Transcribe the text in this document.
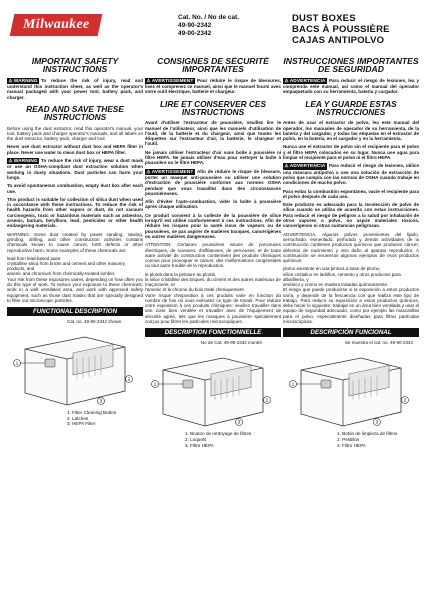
Milwaukee	Cat. No. / No de cat.
49-90-2342
49-00-2342
DUST BOXES
BACS À POUSSIÈRE
CAJAS ANTIPOLVO
IMPORTANT SAFETY INSTRUCTIONS
⚠ WARNING To reduce the risk of injury, read and understand this instruction sheet, as well as the operator's manual packaged with your power tool, battery pack, and charger.
READ AND SAVE THESE INSTRUCTIONS
Before using the dust extractor, read this operator's manual, your tool, battery pack and charger operator's manuals, and all labels on the dust extractor, battery pack, charger and tool.
Never use dust extractor without dust box and HEPA filter in place. Never use water to clean dust box or HEPA filter.
⚠ WARNING To reduce the risk of injury, wear a dust mask or use an OSHA-compliant dust extraction solution when working in dusty situations. Dust particles can harm your lungs.
To avoid spontaneous combustion, empty dust box after each use.
This product is suitable for collection of silica dust when used in accordance with these instructions. To reduce the risk of health hazards from other vapors or dust, do not vacuum carcinogenic, toxic or hazardous materials such as asbestos, arsenic, barium, beryllium, lead, pesticides or other health endangering materials.
WARNING: Some dust created by power sanding, sawing, grinding, drilling, and other construction activities contains chemicals known to cause cancer, birth defects or other reproductive harm. Some examples of these chemicals are:
lead from lead-based paint
crystalline silica from bricks and cement and other masonry products, and
arsenic and chromium from chemically-treated lumber.
Your risk from these exposures varies, depending on how often you do this type of work. To reduce your exposure to these chemicals: work in a well ventilated area, and work with approved safety equipment, such as those dust masks that are specially designed to filter out microscopic particles.
FUNCTIONAL DESCRIPTION
Cat. no. 49-90-2342 shown
1
2
3
1. Filter Cleaning Button
2. Latches
3. HEPA Filter
CONSIGNES DE SÉCURITÉ IMPORTANTES
⚠ AVERTISSEMENT Pour réduire le risque de blessures, lisez et comprenez ce manuel, ainsi que le manuel fourni avec votre outil électrique, batterie et chargeur.
LIRE ET CONSERVER CES INSTRUCTIONS
Avant d'utiliser l'extracteur de poussière, veuillez lire le manuel de l'utilisateur, ainsi que les manuels d'utilisation de l'outil, de la batterie et du chargeur, ainsi que toutes les étiquettes sur l'extracteur d'air, la batterie, le chargeur et l'outil.
Ne jamais utiliser l'extracteur d'air sans boîte à poussière ni filtre HEPA. Ne jamais utiliser d'eau pour nettoyer la boîte à poussière ou le filtre HEPA.
⚠ AVERTISSEMENT Afin de réduire le risque de blessure, porter un masque anti-poussière ou utiliser une solution d'extraction de poussière conforme aux normes OSHA pendant que vous travaillez dans des circonstances poussiéreuses.
Afin d'éviter l'auto-combustion, vider la boîte à poussière après chaque utilisation.
Ce produit convient à la collecte de la poussière de silice lorsqu'il est utilisé conformément à ces instructions. Afin de réduire les risques pour la santé issus de vapeurs ou de poussières, ne pas aspirer de matières toxiques, cancérigènes ou autres matières dangereuses.
ATTENTION: Certaines poussières issues de ponceuses électriques, de scieuses, d'affûteuses, de perceuses, et de toute autre activité de construction contiennent des produits chimiques connus pour provoquer le cancer, des malformations congénitales ou tout autre trouble de la reproduction.
le plomb dans la peinture au plomb,
la silice cristalline des briques, du ciment et des autres matériaux de maçonnerie, et
l'arsenic et le chrome du bois traité chimiquement.
Votre risque d'exposition à ces produits varie en fonction du nombre de fois où vous exécutez ce type de travail. Pour réduire votre exposition à ces produits chimiques: veuillez travailler dans une zone bien ventilée et travailler avec de l'équipement de sécurité agréé, tels que les masques à poussière spécialement conçus pour filtrer les particules microscopiques.
DESCRIPTION FONCTIONNELLE
No de Cat. 49-90-2342 montré
1
2
3
1. Bouton de nettoyage de filtres
2. Loquets
3. Filtre HEPA
INSTRUCCIONES IMPORTANTES DE SEGURIDAD
⚠ ADVERTENCIA Para reducir el riesgo de lesiones, lea y comprenda este manual, así como el manual del operador empaquetado con su herramienta, batería y cargador.
LEA Y GUARDE ESTAS INSTRUCCIONES
Antes de usar el extractor de polvo, lea este manual del operador, los manuales de operador de su herramienta, de la batería y del cargador, y todas las etiquetas en el extractor de polvo, en la batería, en el cargador y en la herramienta.
Nunca use el extractor de polvo sin el recipiente para el polvo y el filtro HEPA colocados en su lugar. Nunca use agua para limpiar el recipiente para el polvo ni el filtro HEPA.
⚠ ADVERTENCIA Para reducir el riesgo de lesiones, utilice una máscara antipolvo o use una solución de extracción de polvo que cumpla con las normas de OSHA cuando trabaje en condiciones de mucho polvo.
Para evitar la combustión espontánea, vacíe el recipiente para el polvo después de cada uso.
Este producto es adecuado para la recolección de polvo de sílice cuando se utiliza de acuerdo con estas instrucciones. Para reducir el riesgo de peligros a la salud por inhalación de otros vapores o polvo, no aspire materiales tóxicos, cancerígenos ni otras sustancias peligrosas.
ADVERTENCIA. Algunos polvos provenientes del lijado, serruchado, esmerilado, perforado y demás actividades de la construcción contienen productos químicos que producen cáncer, defectos de nacimiento y otro daño al aparato reproductor. A continuación se enumeran algunos ejemplos de esos productos químicos:
plomo existente en una pintura a base de plomo,
sílice cristalino en ladrillos, cemento y otros productos para albañilería, y
arsénico y cromo en madera tratadas químicamente.
El riesgo que puede producirse si la exposición a estos productos varía, y depende de la frecuencia con que realiza este tipo de trabajo. Para reducir su exposición a estos productos químicos, debe hacer lo siguiente: trabajar en un área bien ventilada y usar el equipo de seguridad adecuado, como por ejemplo las mascarillas para el polvo, especialmente diseñadas para filtrar partículas microscópicas.
DESCRIPCIÓN FUNCIONAL
Se muestra el cat. no. 49-90-2342
1
2
3
1. Botón de limpieza de filtros
2. Pestillos
3. Filtro HEPA
